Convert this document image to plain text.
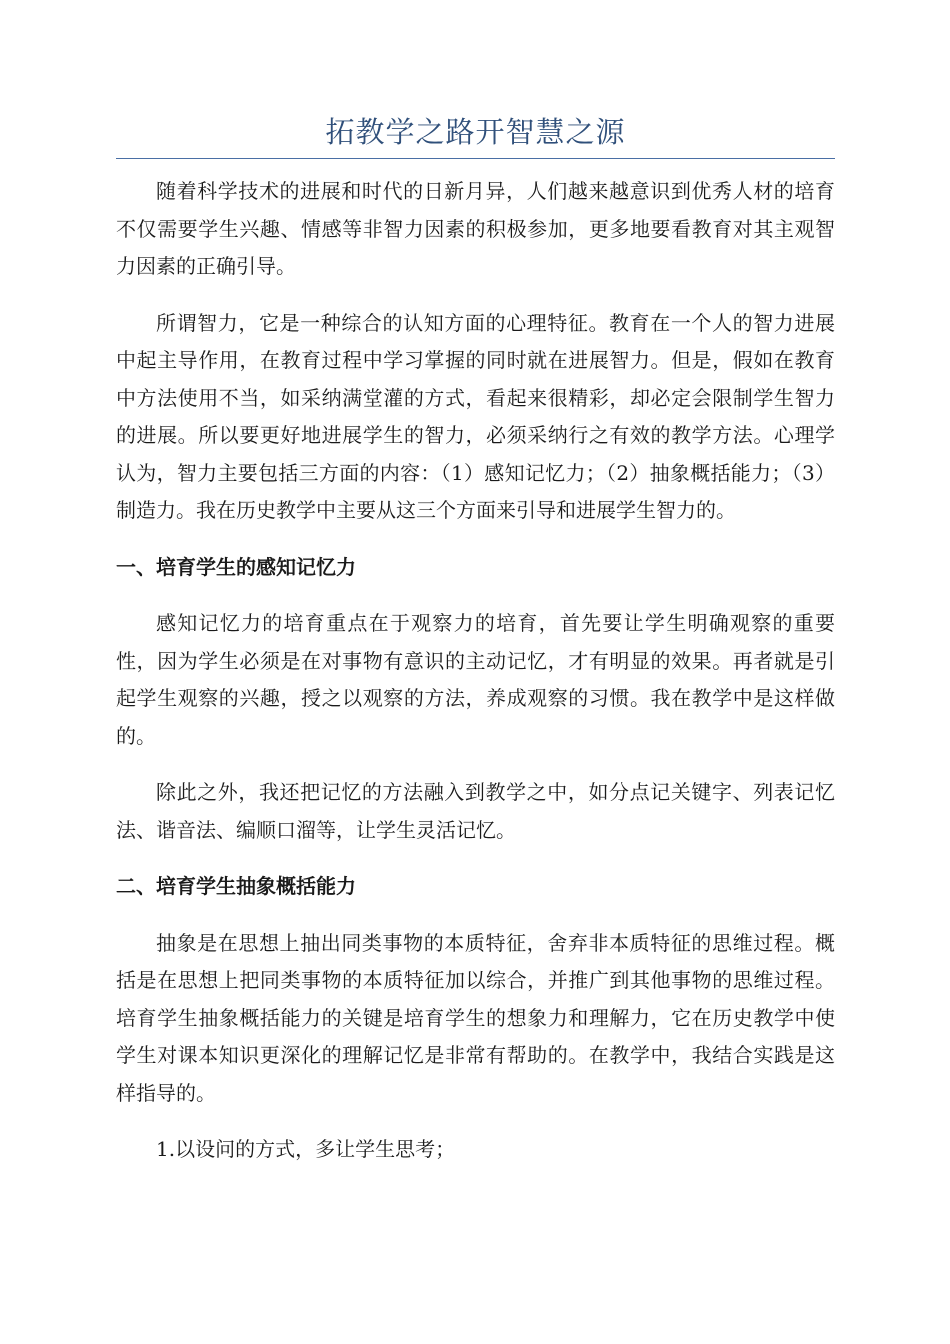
拓教学之路开智慧之源

随着科学技术的进展和时代的日新月异，人们越来越意识到优秀人材的培育不仅需要学生兴趣、情感等非智力因素的积极参加，更多地要看教育对其主观智力因素的正确引导。

所谓智力，它是一种综合的认知方面的心理特征。教育在一个人的智力进展中起主导作用，在教育过程中学习掌握的同时就在进展智力。但是，假如在教育中方法使用不当，如采纳满堂灌的方式，看起来很精彩，却必定会限制学生智力的进展。所以要更好地进展学生的智力，必须采纳行之有效的教学方法。心理学认为，智力主要包括三方面的内容：（1）感知记忆力；（2）抽象概括能力；（3）制造力。我在历史教学中主要从这三个方面来引导和进展学生智力的。

一、培育学生的感知记忆力

感知记忆力的培育重点在于观察力的培育，首先要让学生明确观察的重要性，因为学生必须是在对事物有意识的主动记忆，才有明显的效果。再者就是引起学生观察的兴趣，授之以观察的方法，养成观察的习惯。我在教学中是这样做的。

除此之外，我还把记忆的方法融入到教学之中，如分点记关键字、列表记忆法、谐音法、编顺口溜等，让学生灵活记忆。

二、培育学生抽象概括能力

抽象是在思想上抽出同类事物的本质特征，舍弃非本质特征的思维过程。概括是在思想上把同类事物的本质特征加以综合，并推广到其他事物的思维过程。培育学生抽象概括能力的关键是培育学生的想象力和理解力，它在历史教学中使学生对课本知识更深化的理解记忆是非常有帮助的。在教学中，我结合实践是这样指导的。

1.以设问的方式，多让学生思考；
